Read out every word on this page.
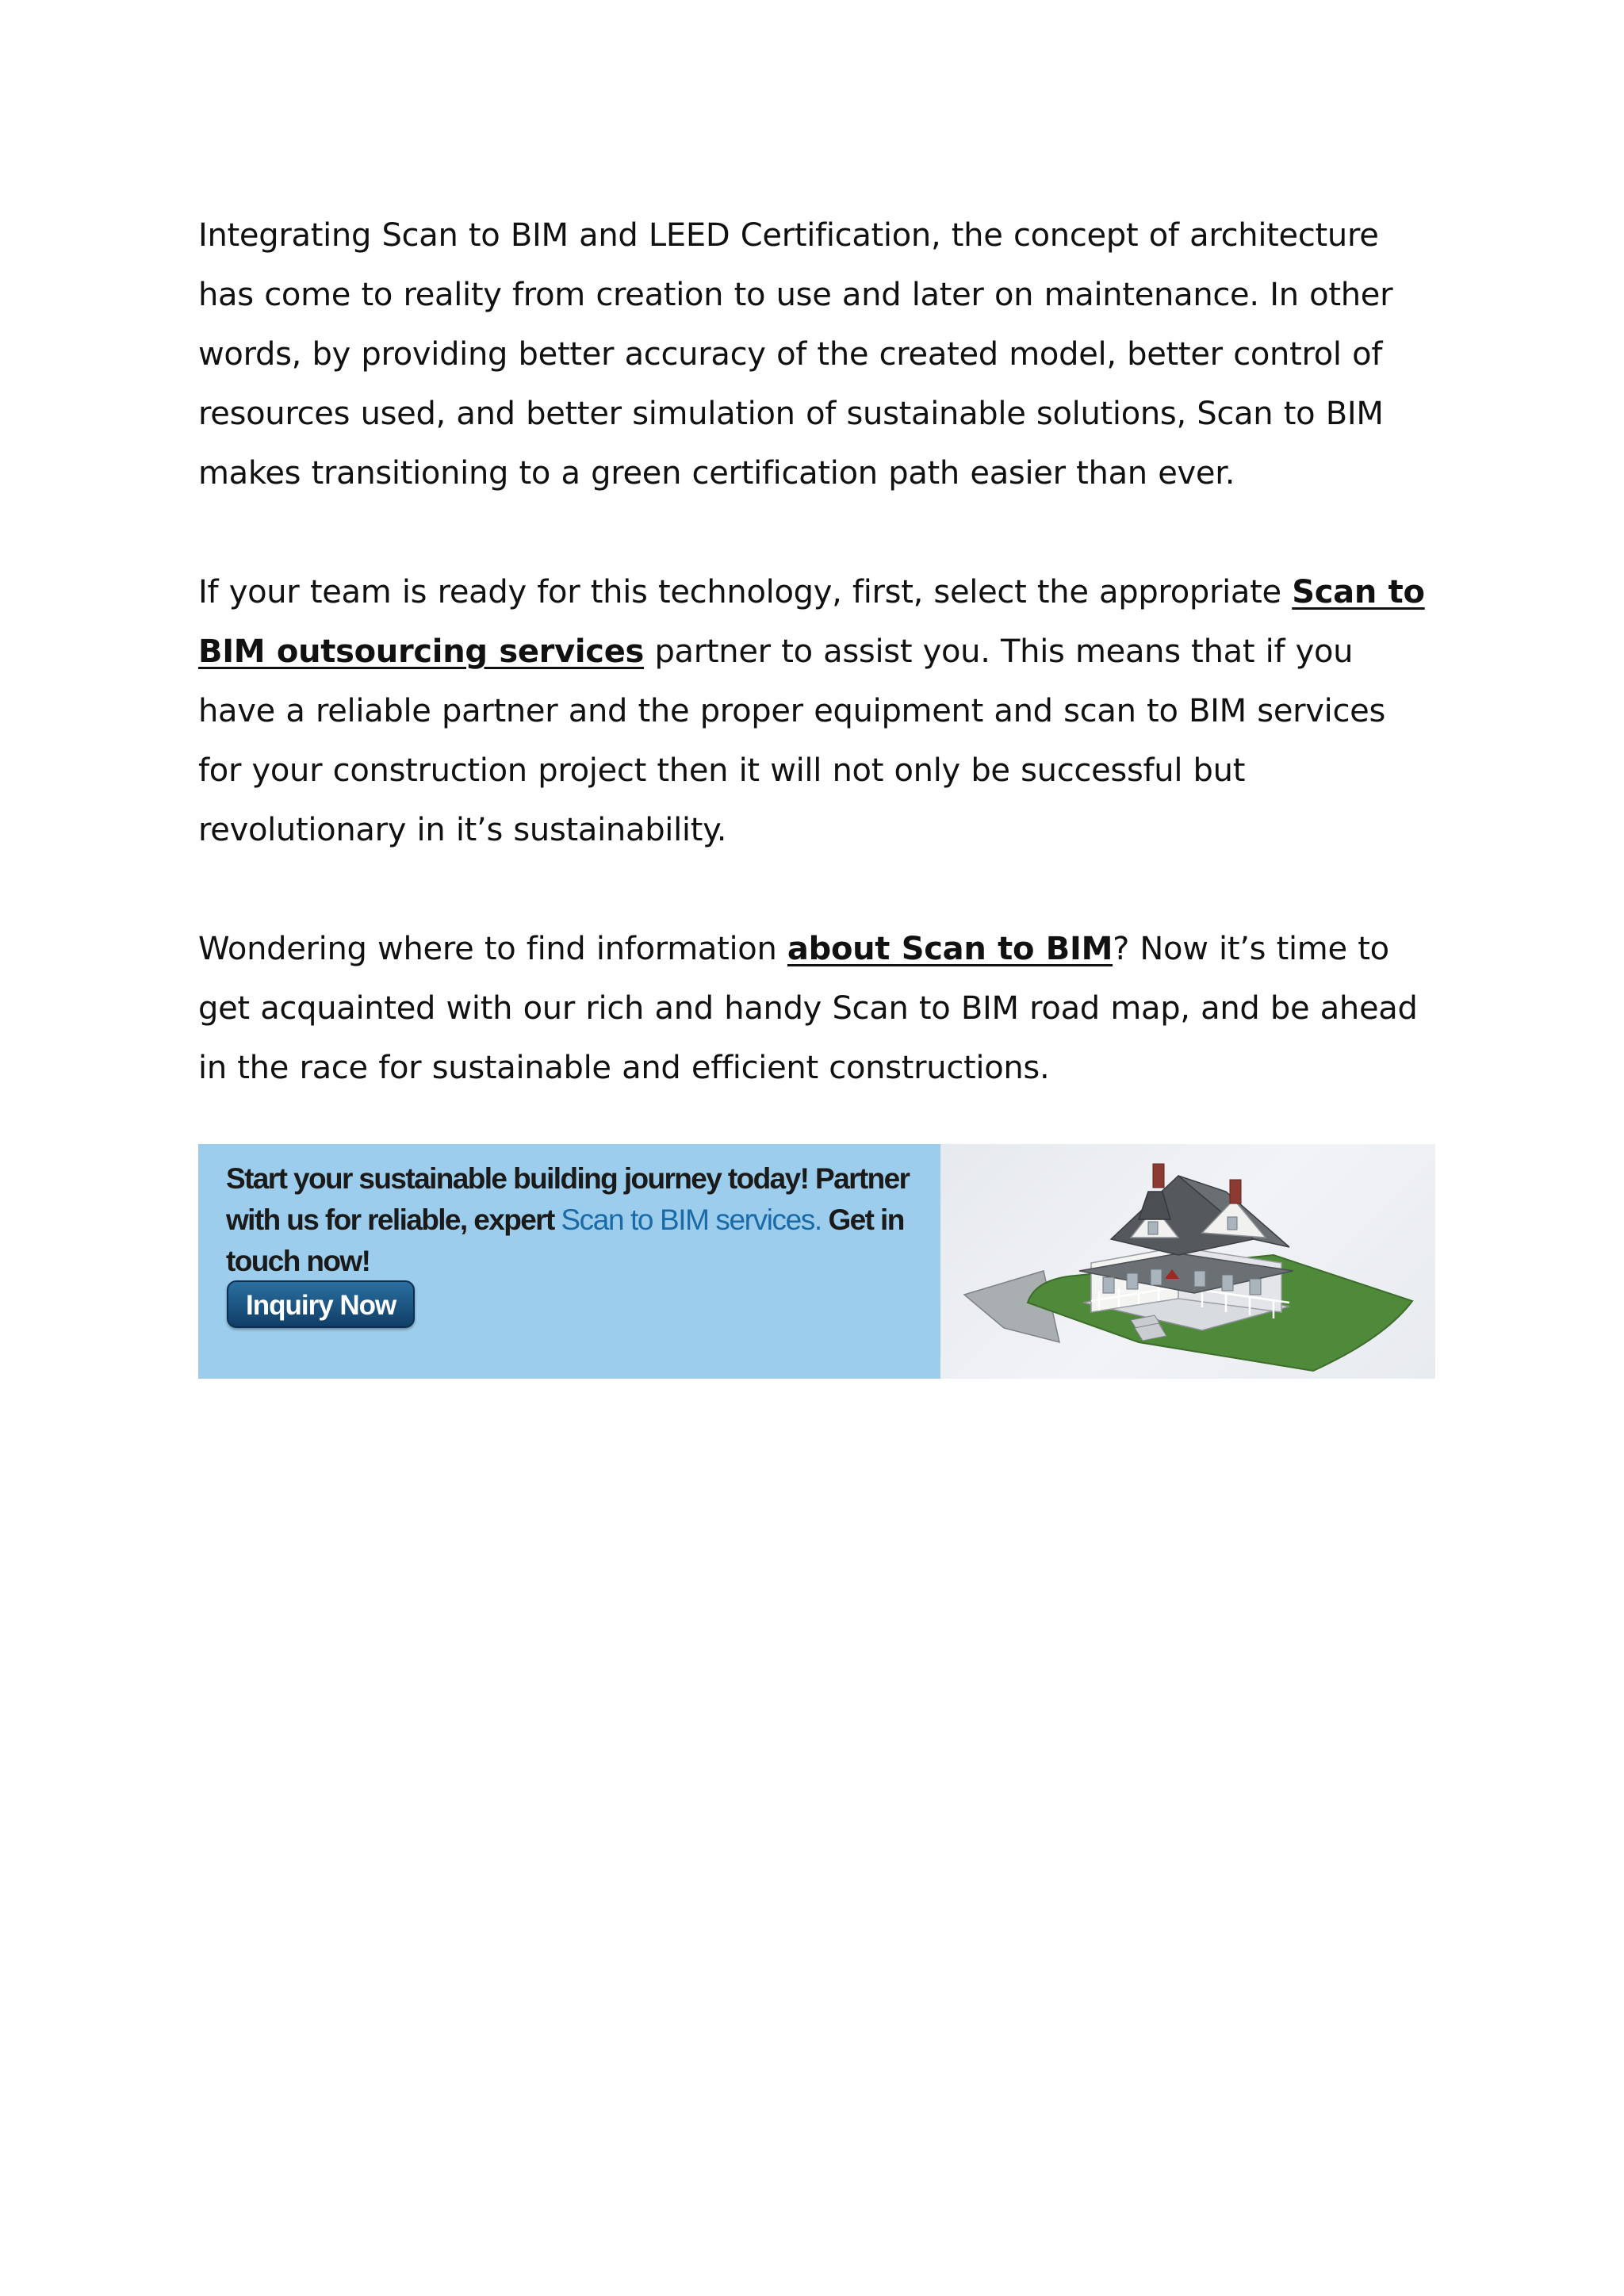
Integrating Scan to BIM and LEED Certification, the concept of architecture has come to reality from creation to use and later on maintenance. In other words, by providing better accuracy of the created model, better control of resources used, and better simulation of sustainable solutions, Scan to BIM makes transitioning to a green certification path easier than ever.

If your team is ready for this technology, first, select the appropriate Scan to BIM outsourcing services partner to assist you. This means that if you have a reliable partner and the proper equipment and scan to BIM services for your construction project then it will not only be successful but revolutionary in it’s sustainability.

Wondering where to find information about Scan to BIM? Now it’s time to get acquainted with our rich and handy Scan to BIM road map, and be ahead in the race for sustainable and efficient constructions.

Start your sustainable building journey today! Partner with us for reliable, expert Scan to BIM services. Get in touch now!

Inquiry Now
